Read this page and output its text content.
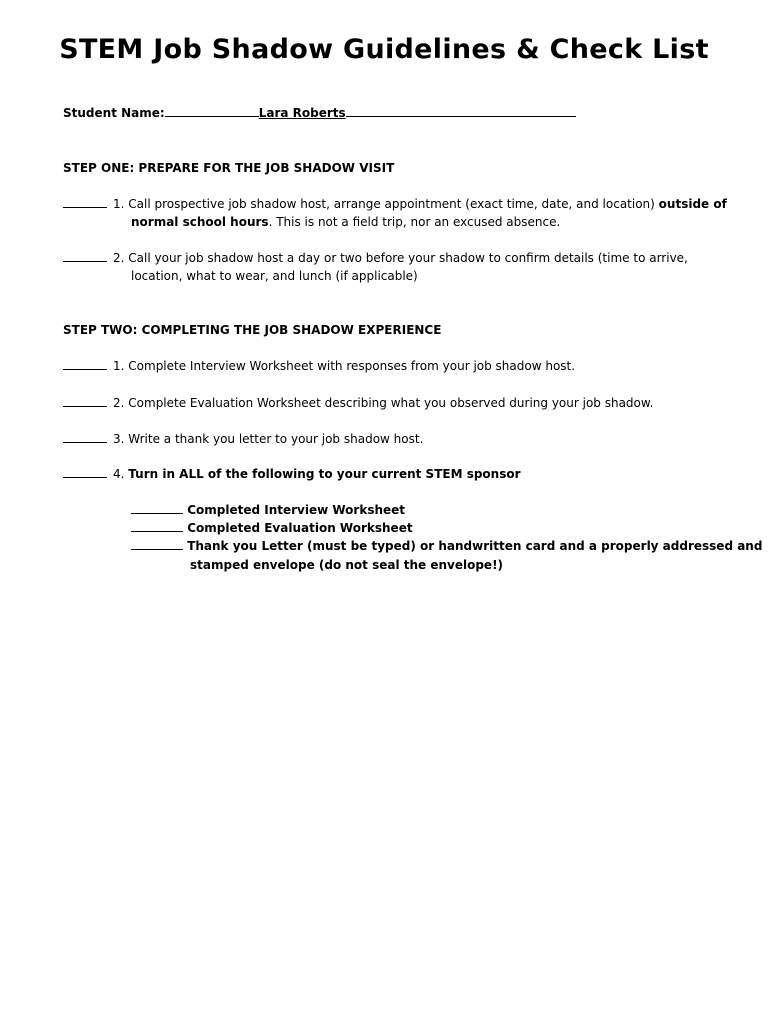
STEM Job Shadow Guidelines & Check List
Student Name:	Lara Roberts
STEP ONE: PREPARE FOR THE JOB SHADOW VISIT
1. Call prospective job shadow host, arrange appointment (exact time, date, and location) outside of
normal school hours. This is not a field trip, nor an excused absence.
2. Call your job shadow host a day or two before your shadow to confirm details (time to arrive,
location, what to wear, and lunch (if applicable)
STEP TWO: COMPLETING THE JOB SHADOW EXPERIENCE
1. Complete Interview Worksheet with responses from your job shadow host.
2. Complete Evaluation Worksheet describing what you observed during your job shadow.
3. Write a thank you letter to your job shadow host.
4. Turn in ALL of the following to your current STEM sponsor
Completed Interview Worksheet
Completed Evaluation Worksheet
Thank you Letter (must be typed) or handwritten card and a properly addressed and
stamped envelope (do not seal the envelope!)
